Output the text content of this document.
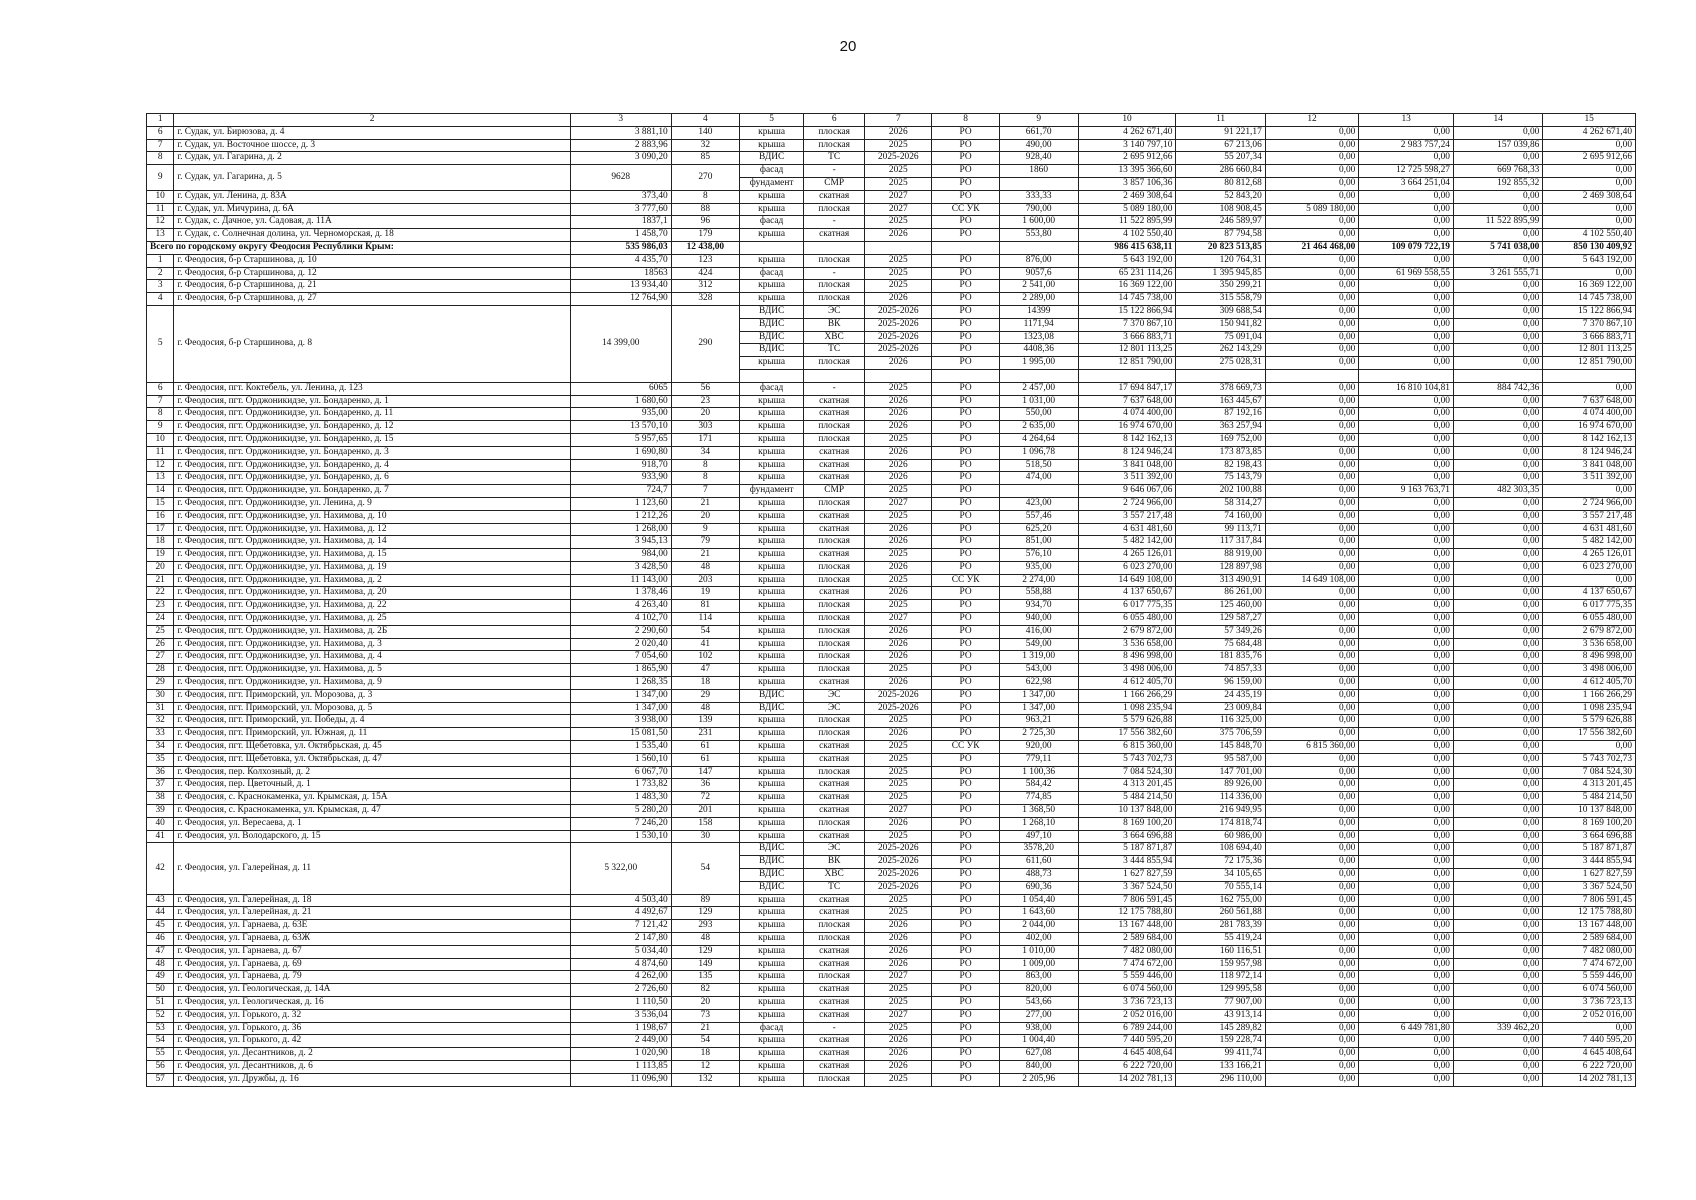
20
1	2	3	4	5	6	7	8	9	10	11	12	13	14	15
6	г. Судак, ул. Бирюзова, д. 4	3 881,10	140	крыша	плоская	2026	РО	661,70	4 262 671,40	91 221,17	0,00	0,00	0,00	4 262 671,40
7	г. Судак, ул. Восточное шоссе, д. 3	2 883,96	32	крыша	плоская	2025	РО	490,00	3 140 797,10	67 213,06	0,00	2 983 757,24	157 039,86	0,00
8	г. Судак, ул. Гагарина, д. 2	3 090,20	85	ВДИС	ТС	2025-2026	РО	928,40	2 695 912,66	55 207,34	0,00	0,00	0,00	2 695 912,66
9	г. Судак, ул. Гагарина, д. 5	9628	270	фасад	-	2025	РО	1860	13 395 366,60	286 660,84	0,00	12 725 598,27	669 768,33	0,00
				фундамент	СМР	2025	РО		3 857 106,36	80 812,68	0,00	3 664 251,04	192 855,32	0,00
10	г. Судак, ул. Ленина, д. 83А	373,40	8	крыша	скатная	2027	РО	333,33	2 469 308,64	52 843,20	0,00	0,00	0,00	2 469 308,64
11	г. Судак, ул. Мичурина, д. 6А	3 777,60	88	крыша	плоская	2027	СС УК	790,00	5 089 180,00	108 908,45	5 089 180,00	0,00	0,00	0,00
12	г. Судак, с. Дачное, ул. Садовая, д. 11А	1837,1	96	фасад	-	2025	РО	1 600,00	11 522 895,99	246 589,97	0,00	0,00	11 522 895,99	0,00
13	г. Судак, с. Солнечная долина, ул. Черноморская, д. 18	1 458,70	179	крыша	скатная	2026	РО	553,80	4 102 550,40	87 794,58	0,00	0,00	0,00	4 102 550,40
Всего по городскому округу Феодосия Республики Крым:		535 986,03	12 438,00						986 415 638,11	20 823 513,85	21 464 468,00	109 079 722,19	5 741 038,00	850 130 409,92
1	г. Феодосия, б-р Старшинова, д. 10	4 435,70	123	крыша	плоская	2025	РО	876,00	5 643 192,00	120 764,31	0,00	0,00	0,00	5 643 192,00
2	г. Феодосия, б-р Старшинова, д. 12	18563	424	фасад	-	2025	РО	9057,6	65 231 114,26	1 395 945,85	0,00	61 969 558,55	3 261 555,71	0,00
3	г. Феодосия, б-р Старшинова, д. 21	13 934,40	312	крыша	плоская	2025	РО	2 541,00	16 369 122,00	350 299,21	0,00	0,00	0,00	16 369 122,00
4	г. Феодосия, б-р Старшинова, д. 27	12 764,90	328	крыша	плоская	2026	РО	2 289,00	14 745 738,00	315 558,79	0,00	0,00	0,00	14 745 738,00
5	г. Феодосия, б-р Старшинова, д. 8	14 399,00	290	ВДИС	ЭС	2025-2026	РО	14399	15 122 866,94	309 688,54	0,00	0,00	0,00	15 122 866,94
				ВДИС	ВК	2025-2026	РО	1171,94	7 370 867,10	150 941,82	0,00	0,00	0,00	7 370 867,10
				ВДИС	ХВС	2025-2026	РО	1323,08	3 666 883,71	75 091,04	0,00	0,00	0,00	3 666 883,71
				ВДИС	ТС	2025-2026	РО	4408,36	12 801 113,25	262 143,29	0,00	0,00	0,00	12 801 113,25
				крыша	плоская	2026	РО	1 995,00	12 851 790,00	275 028,31	0,00	0,00	0,00	12 851 790,00

6	г. Феодосия, пгт. Коктебель, ул. Ленина, д. 123	6065	56	фасад	-	2025	РО	2 457,00	17 694 847,17	378 669,73	0,00	16 810 104,81	884 742,36	0,00
7	г. Феодосия, пгт. Орджоникидзе, ул. Бондаренко, д. 1	1 680,60	23	крыша	скатная	2026	РО	1 031,00	7 637 648,00	163 445,67	0,00	0,00	0,00	7 637 648,00
8	г. Феодосия, пгт. Орджоникидзе, ул. Бондаренко, д. 11	935,00	20	крыша	скатная	2026	РО	550,00	4 074 400,00	87 192,16	0,00	0,00	0,00	4 074 400,00
9	г. Феодосия, пгт. Орджоникидзе, ул. Бондаренко, д. 12	13 570,10	303	крыша	плоская	2026	РО	2 635,00	16 974 670,00	363 257,94	0,00	0,00	0,00	16 974 670,00
10	г. Феодосия, пгт. Орджоникидзе, ул. Бондаренко, д. 15	5 957,65	171	крыша	плоская	2025	РО	4 264,64	8 142 162,13	169 752,00	0,00	0,00	0,00	8 142 162,13
11	г. Феодосия, пгт. Орджоникидзе, ул. Бондаренко, д. 3	1 690,80	34	крыша	скатная	2026	РО	1 096,78	8 124 946,24	173 873,85	0,00	0,00	0,00	8 124 946,24
12	г. Феодосия, пгт. Орджоникидзе, ул. Бондаренко, д. 4	918,70	8	крыша	скатная	2026	РО	518,50	3 841 048,00	82 198,43	0,00	0,00	0,00	3 841 048,00
13	г. Феодосия, пгт. Орджоникидзе, ул. Бондаренко, д. 6	933,90	8	крыша	скатная	2026	РО	474,00	3 511 392,00	75 143,79	0,00	0,00	0,00	3 511 392,00
14	г. Феодосия, пгт. Орджоникидзе, ул. Бондаренко, д. 7	724,7	7	фундамент	СМР	2025	РО		9 646 067,06	202 100,88	0,00	9 163 763,71	482 303,35	0,00
15	г. Феодосия, пгт. Орджоникидзе, ул. Ленина, д. 9	1 123,60	21	крыша	плоская	2027	РО	423,00	2 724 966,00	58 314,27	0,00	0,00	0,00	2 724 966,00
16	г. Феодосия, пгт. Орджоникидзе, ул. Нахимова, д. 10	1 212,26	20	крыша	скатная	2025	РО	557,46	3 557 217,48	74 160,00	0,00	0,00	0,00	3 557 217,48
17	г. Феодосия, пгт. Орджоникидзе, ул. Нахимова, д. 12	1 268,00	9	крыша	скатная	2026	РО	625,20	4 631 481,60	99 113,71	0,00	0,00	0,00	4 631 481,60
18	г. Феодосия, пгт. Орджоникидзе, ул. Нахимова, д. 14	3 945,13	79	крыша	плоская	2026	РО	851,00	5 482 142,00	117 317,84	0,00	0,00	0,00	5 482 142,00
19	г. Феодосия, пгт. Орджоникидзе, ул. Нахимова, д. 15	984,00	21	крыша	скатная	2025	РО	576,10	4 265 126,01	88 919,00	0,00	0,00	0,00	4 265 126,01
20	г. Феодосия, пгт. Орджоникидзе, ул. Нахимова, д. 19	3 428,50	48	крыша	плоская	2026	РО	935,00	6 023 270,00	128 897,98	0,00	0,00	0,00	6 023 270,00
21	г. Феодосия, пгт. Орджоникидзе, ул. Нахимова, д. 2	11 143,00	203	крыша	плоская	2025	СС УК	2 274,00	14 649 108,00	313 490,91	14 649 108,00	0,00	0,00	0,00
22	г. Феодосия, пгт. Орджоникидзе, ул. Нахимова, д. 20	1 378,46	19	крыша	скатная	2026	РО	558,88	4 137 650,67	86 261,00	0,00	0,00	0,00	4 137 650,67
23	г. Феодосия, пгт. Орджоникидзе, ул. Нахимова, д. 22	4 263,40	81	крыша	плоская	2025	РО	934,70	6 017 775,35	125 460,00	0,00	0,00	0,00	6 017 775,35
24	г. Феодосия, пгт. Орджоникидзе, ул. Нахимова, д. 25	4 102,70	114	крыша	плоская	2027	РО	940,00	6 055 480,00	129 587,27	0,00	0,00	0,00	6 055 480,00
25	г. Феодосия, пгт. Орджоникидзе, ул. Нахимова, д. 2Б	2 290,60	54	крыша	плоская	2026	РО	416,00	2 679 872,00	57 349,26	0,00	0,00	0,00	2 679 872,00
26	г. Феодосия, пгт. Орджоникидзе, ул. Нахимова, д. 3	2 020,40	41	крыша	плоская	2026	РО	549,00	3 536 658,00	75 684,48	0,00	0,00	0,00	3 536 658,00
27	г. Феодосия, пгт. Орджоникидзе, ул. Нахимова, д. 4	7 054,60	102	крыша	плоская	2026	РО	1 319,00	8 496 998,00	181 835,76	0,00	0,00	0,00	8 496 998,00
28	г. Феодосия, пгт. Орджоникидзе, ул. Нахимова, д. 5	1 865,90	47	крыша	плоская	2025	РО	543,00	3 498 006,00	74 857,33	0,00	0,00	0,00	3 498 006,00
29	г. Феодосия, пгт. Орджоникидзе, ул. Нахимова, д. 9	1 268,35	18	крыша	скатная	2026	РО	622,98	4 612 405,70	96 159,00	0,00	0,00	0,00	4 612 405,70
30	г. Феодосия, пгт. Приморский, ул. Морозова, д. 3	1 347,00	29	ВДИС	ЭС	2025-2026	РО	1 347,00	1 166 266,29	24 435,19	0,00	0,00	0,00	1 166 266,29
31	г. Феодосия, пгт. Приморский, ул. Морозова, д. 5	1 347,00	48	ВДИС	ЭС	2025-2026	РО	1 347,00	1 098 235,94	23 009,84	0,00	0,00	0,00	1 098 235,94
32	г. Феодосия, пгт. Приморский, ул. Победы, д. 4	3 938,00	139	крыша	плоская	2025	РО	963,21	5 579 626,88	116 325,00	0,00	0,00	0,00	5 579 626,88
33	г. Феодосия, пгт. Приморский, ул. Южная, д. 11	15 081,50	231	крыша	плоская	2026	РО	2 725,30	17 556 382,60	375 706,59	0,00	0,00	0,00	17 556 382,60
34	г. Феодосия, пгт. Щебетовка, ул. Октябрьская, д. 45	1 535,40	61	крыша	скатная	2025	СС УК	920,00	6 815 360,00	145 848,70	6 815 360,00	0,00	0,00	0,00
35	г. Феодосия, пгт. Щебетовка, ул. Октябрьская, д. 47	1 560,10	61	крыша	скатная	2025	РО	779,11	5 743 702,73	95 587,00	0,00	0,00	0,00	5 743 702,73
36	г. Феодосия, пер. Колхозный, д. 2	6 067,70	147	крыша	плоская	2025	РО	1 100,36	7 084 524,30	147 701,00	0,00	0,00	0,00	7 084 524,30
37	г. Феодосия, пер. Цветочный, д. 1	1 733,82	36	крыша	скатная	2025	РО	584,42	4 313 201,45	89 926,00	0,00	0,00	0,00	4 313 201,45
38	г. Феодосия, с. Краснокаменка, ул. Крымская, д. 15А	1 483,30	72	крыша	скатная	2025	РО	774,85	5 484 214,50	114 336,00	0,00	0,00	0,00	5 484 214,50
39	г. Феодосия, с. Краснокаменка, ул. Крымская, д. 47	5 280,20	201	крыша	скатная	2027	РО	1 368,50	10 137 848,00	216 949,95	0,00	0,00	0,00	10 137 848,00
40	г. Феодосия, ул. Вересаева, д. 1	7 246,20	158	крыша	плоская	2026	РО	1 268,10	8 169 100,20	174 818,74	0,00	0,00	0,00	8 169 100,20
41	г. Феодосия, ул. Володарского, д. 15	1 530,10	30	крыша	скатная	2025	РО	497,10	3 664 696,88	60 986,00	0,00	0,00	0,00	3 664 696,88
42	г. Феодосия, ул. Галерейная, д. 11	5 322,00	54	ВДИС	ЭС	2025-2026	РО	3578,20	5 187 871,87	108 694,40	0,00	0,00	0,00	5 187 871,87
				ВДИС	ВК	2025-2026	РО	611,60	3 444 855,94	72 175,36	0,00	0,00	0,00	3 444 855,94
				ВДИС	ХВС	2025-2026	РО	488,73	1 627 827,59	34 105,65	0,00	0,00	0,00	1 627 827,59
				ВДИС	ТС	2025-2026	РО	690,36	3 367 524,50	70 555,14	0,00	0,00	0,00	3 367 524,50
43	г. Феодосия, ул. Галерейная, д. 18	4 503,40	89	крыша	скатная	2025	РО	1 054,40	7 806 591,45	162 755,00	0,00	0,00	0,00	7 806 591,45
44	г. Феодосия, ул. Галерейная, д. 21	4 492,67	129	крыша	скатная	2025	РО	1 643,60	12 175 788,80	260 561,88	0,00	0,00	0,00	12 175 788,80
45	г. Феодосия, ул. Гарнаева, д. 63Е	7 121,42	293	крыша	плоская	2026	РО	2 044,00	13 167 448,00	281 783,39	0,00	0,00	0,00	13 167 448,00
46	г. Феодосия, ул. Гарнаева, д. 63Ж	2 147,80	48	крыша	плоская	2026	РО	402,00	2 589 684,00	55 419,24	0,00	0,00	0,00	2 589 684,00
47	г. Феодосия, ул. Гарнаева, д. 67	5 034,40	129	крыша	скатная	2026	РО	1 010,00	7 482 080,00	160 116,51	0,00	0,00	0,00	7 482 080,00
48	г. Феодосия, ул. Гарнаева, д. 69	4 874,60	149	крыша	скатная	2026	РО	1 009,00	7 474 672,00	159 957,98	0,00	0,00	0,00	7 474 672,00
49	г. Феодосия, ул. Гарнаева, д. 79	4 262,00	135	крыша	плоская	2027	РО	863,00	5 559 446,00	118 972,14	0,00	0,00	0,00	5 559 446,00
50	г. Феодосия, ул. Геологическая, д. 14А	2 726,60	82	крыша	скатная	2025	РО	820,00	6 074 560,00	129 995,58	0,00	0,00	0,00	6 074 560,00
51	г. Феодосия, ул. Геологическая, д. 16	1 110,50	20	крыша	скатная	2025	РО	543,66	3 736 723,13	77 907,00	0,00	0,00	0,00	3 736 723,13
52	г. Феодосия, ул. Горького, д. 32	3 536,04	73	крыша	скатная	2027	РО	277,00	2 052 016,00	43 913,14	0,00	0,00	0,00	2 052 016,00
53	г. Феодосия, ул. Горького, д. 36	1 198,67	21	фасад	-	2025	РО	938,00	6 789 244,00	145 289,82	0,00	6 449 781,80	339 462,20	0,00
54	г. Феодосия, ул. Горького, д. 42	2 449,00	54	крыша	скатная	2026	РО	1 004,40	7 440 595,20	159 228,74	0,00	0,00	0,00	7 440 595,20
55	г. Феодосия, ул. Десантников, д. 2	1 020,90	18	крыша	скатная	2026	РО	627,08	4 645 408,64	99 411,74	0,00	0,00	0,00	4 645 408,64
56	г. Феодосия, ул. Десантников, д. 6	1 113,85	12	крыша	скатная	2026	РО	840,00	6 222 720,00	133 166,21	0,00	0,00	0,00	6 222 720,00
57	г. Феодосия, ул. Дружбы, д. 16	11 096,90	132	крыша	плоская	2025	РО	2 205,96	14 202 781,13	296 110,00	0,00	0,00	0,00	14 202 781,13
